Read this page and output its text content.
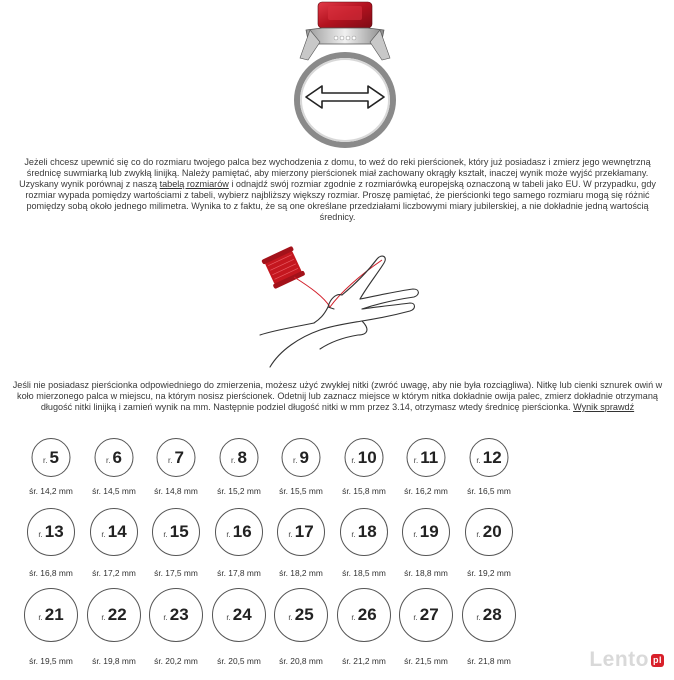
Jeżeli chcesz upewnić się co do rozmiaru twojego palca bez wychodzenia z domu, to weź do reki pierścionek, który już posiadasz i zmierz jego wewnętrzną średnicę suwmiarką lub zwykłą linijką. Należy pamiętać, aby mierzony pierścionek miał zachowany okrągły kształt, inaczej wynik może wyjść przekłamany. Uzyskany wynik porównaj z naszą tabelą rozmiarów i odnajdź swój rozmiar zgodnie z rozmiarówką europejską oznaczoną w tabeli jako EU. W przypadku, gdy rozmiar wypada pomiędzy wartościami z tabeli, wybierz najbliższy większy rozmiar. Proszę pamiętać, że pierścionki tego samego rozmiaru mogą się różnić pomiędzy sobą około jednego milimetra. Wynika to z faktu, że są one określane przedziałami liczbowymi miary jubilerskiej, a nie dokładnie jedną wartością średnicy.
Jeśli nie posiadasz pierścionka odpowiedniego do zmierzenia, możesz użyć zwykłej nitki (zwróć uwagę, aby nie była rozciągliwa). Nitkę lub cienki sznurek owiń w koło mierzonego palca w miejscu, na którym nosisz pierścionek. Odetnij lub zaznacz miejsce w którym nitka dokładnie owija palec, zmierz dokładnie otrzymaną długość nitki linijką i zamień wynik na mm. Następnie podziel długość nitki w mm przez 3.14, otrzymasz wtedy średnicę pierścionka. Wynik sprawdź
r. 5
śr. 14,2 mm
r. 6
śr. 14,5 mm
r. 7
śr. 14,8 mm
r. 8
śr. 15,2 mm
r. 9
śr. 15,5 mm
r. 10
śr. 15,8 mm
r. 11
śr. 16,2 mm
r. 12
śr. 16,5 mm
r. 13
śr. 16,8 mm
r. 14
śr. 17,2 mm
r. 15
śr. 17,5 mm
r. 16
śr. 17,8 mm
r. 17
śr. 18,2 mm
r. 18
śr. 18,5 mm
r. 19
śr. 18,8 mm
r. 20
śr. 19,2 mm
r. 21
śr. 19,5 mm
r. 22
śr. 19,8 mm
r. 23
śr. 20,2 mm
r. 24
śr. 20,5 mm
r. 25
śr. 20,8 mm
r. 26
śr. 21,2 mm
r. 27
śr. 21,5 mm
r. 28
śr. 21,8 mm	Lento pl
